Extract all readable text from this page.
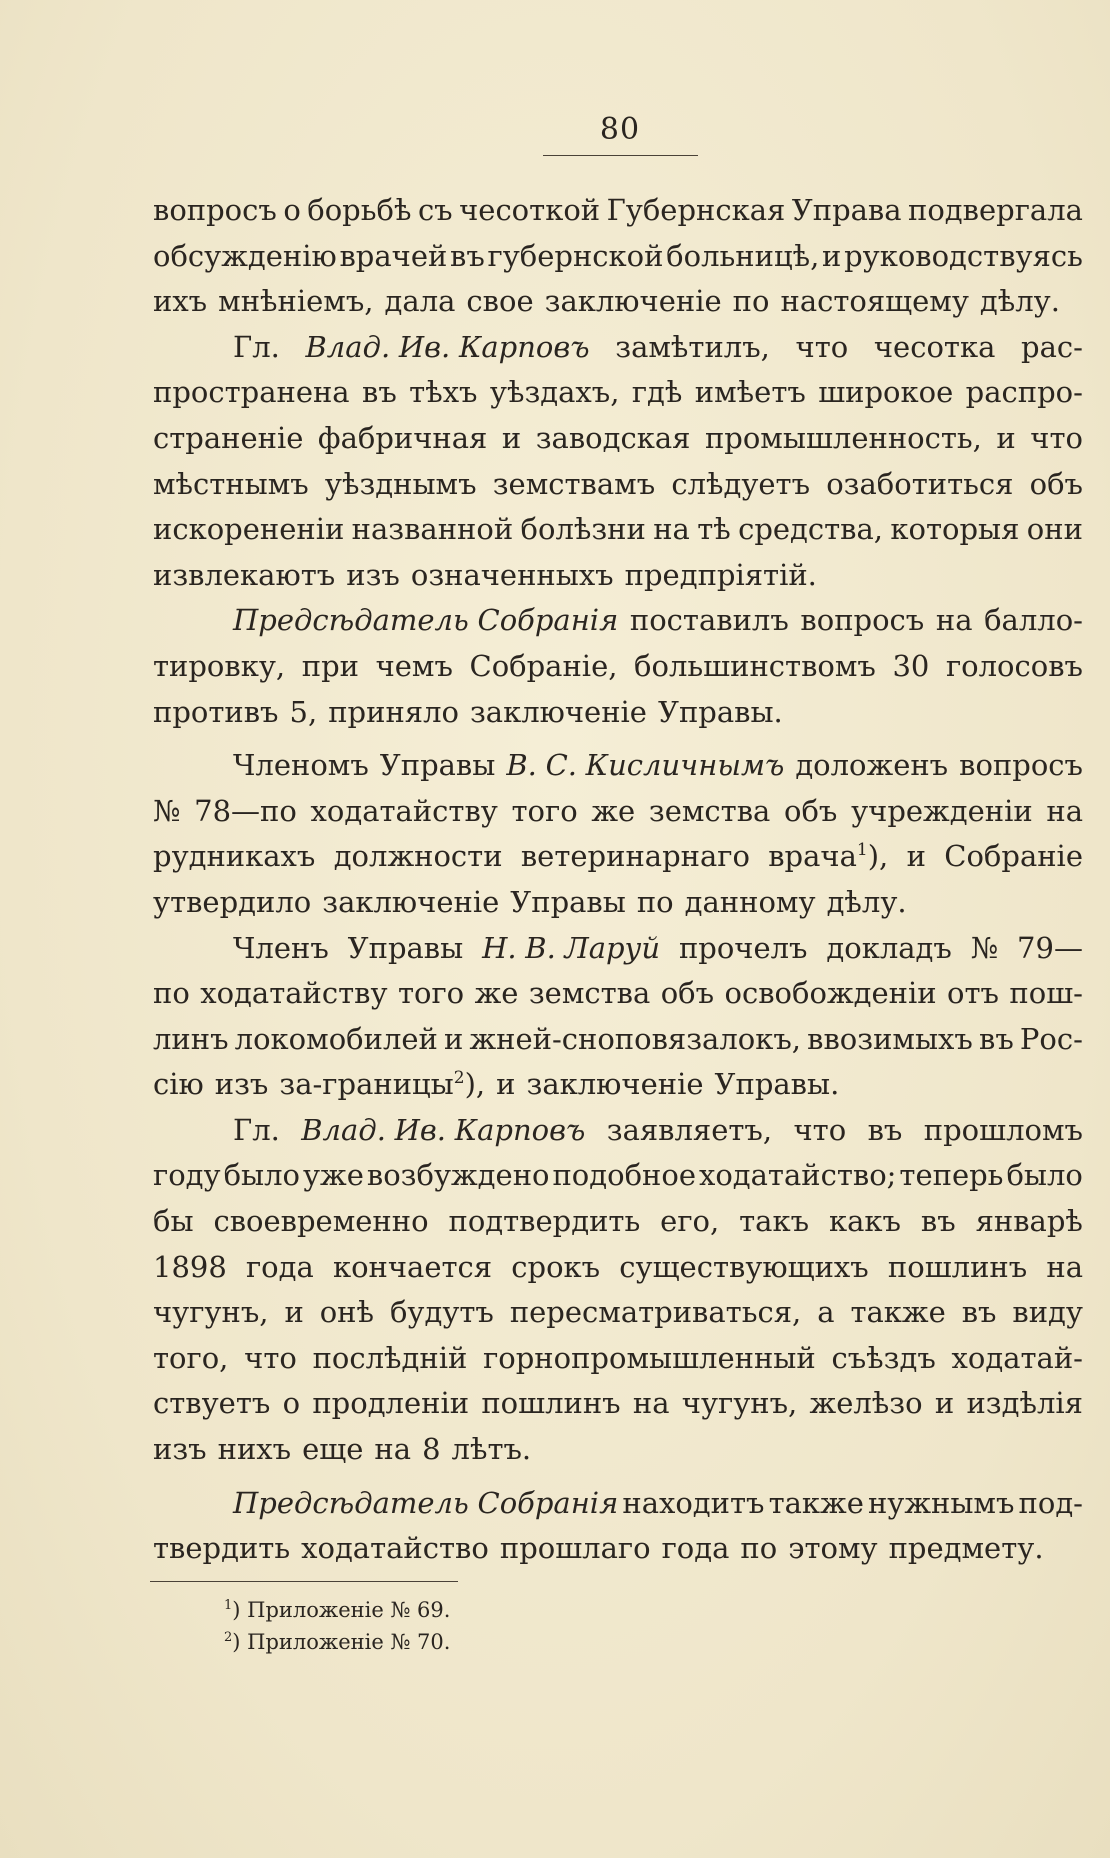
80
вопросъ о борьбѣ съ чесоткой Губернская Управа подвергала
обсужденію врачей въ губернской больницѣ, и руководствуясь
ихъ мнѣніемъ, дала свое заключеніе по настоящему дѣлу.
Гл. Влад. Ив. Карповъ замѣтилъ, что чесотка рас-
пространена въ тѣхъ уѣздахъ, гдѣ имѣетъ широкое распро-
страненіе фабричная и заводская промышленность, и что
мѣстнымъ уѣзднымъ земствамъ слѣдуетъ озаботиться объ
искорененіи названной болѣзни на тѣ средства, которыя они
извлекаютъ изъ означенныхъ предпріятій.
Предсѣдатель Собранія поставилъ вопросъ на балло-
тировку, при чемъ Собраніе, большинствомъ 30 голосовъ
противъ 5, приняло заключеніе Управы.
Членомъ Управы В. С. Кисличнымъ доложенъ вопросъ
№ 78—по ходатайству того же земства объ учрежденіи на
рудникахъ должности ветеринарнаго врача$^1$), и Собраніе
утвердило заключеніе Управы по данному дѣлу.
Членъ Управы Н. В. Ларуй прочелъ докладъ № 79—
по ходатайству того же земства объ освобожденіи отъ пош-
линъ локомобилей и жней-сноповязалокъ, ввозимыхъ въ Рос-
сію изъ за-границы$^2$), и заключеніе Управы.
Гл. Влад. Ив. Карповъ заявляетъ, что въ прошломъ
году было уже возбуждено подобное ходатайство; теперь было
бы своевременно подтвердить его, такъ какъ въ январѣ
1898 года кончается срокъ существующихъ пошлинъ на
чугунъ, и онѣ будутъ пересматриваться, а также въ виду
того, что послѣдній горнопромышленный съѣздъ ходатай-
ствуетъ о продленіи пошлинъ на чугунъ, желѣзо и издѣлія
изъ нихъ еще на 8 лѣтъ.
Предсѣдатель Собранія находитъ также нужнымъ под-
твердить ходатайство прошлаго года по этому предмету.
$^1$) Приложеніе № 69.
$^2$) Приложеніе № 70.
